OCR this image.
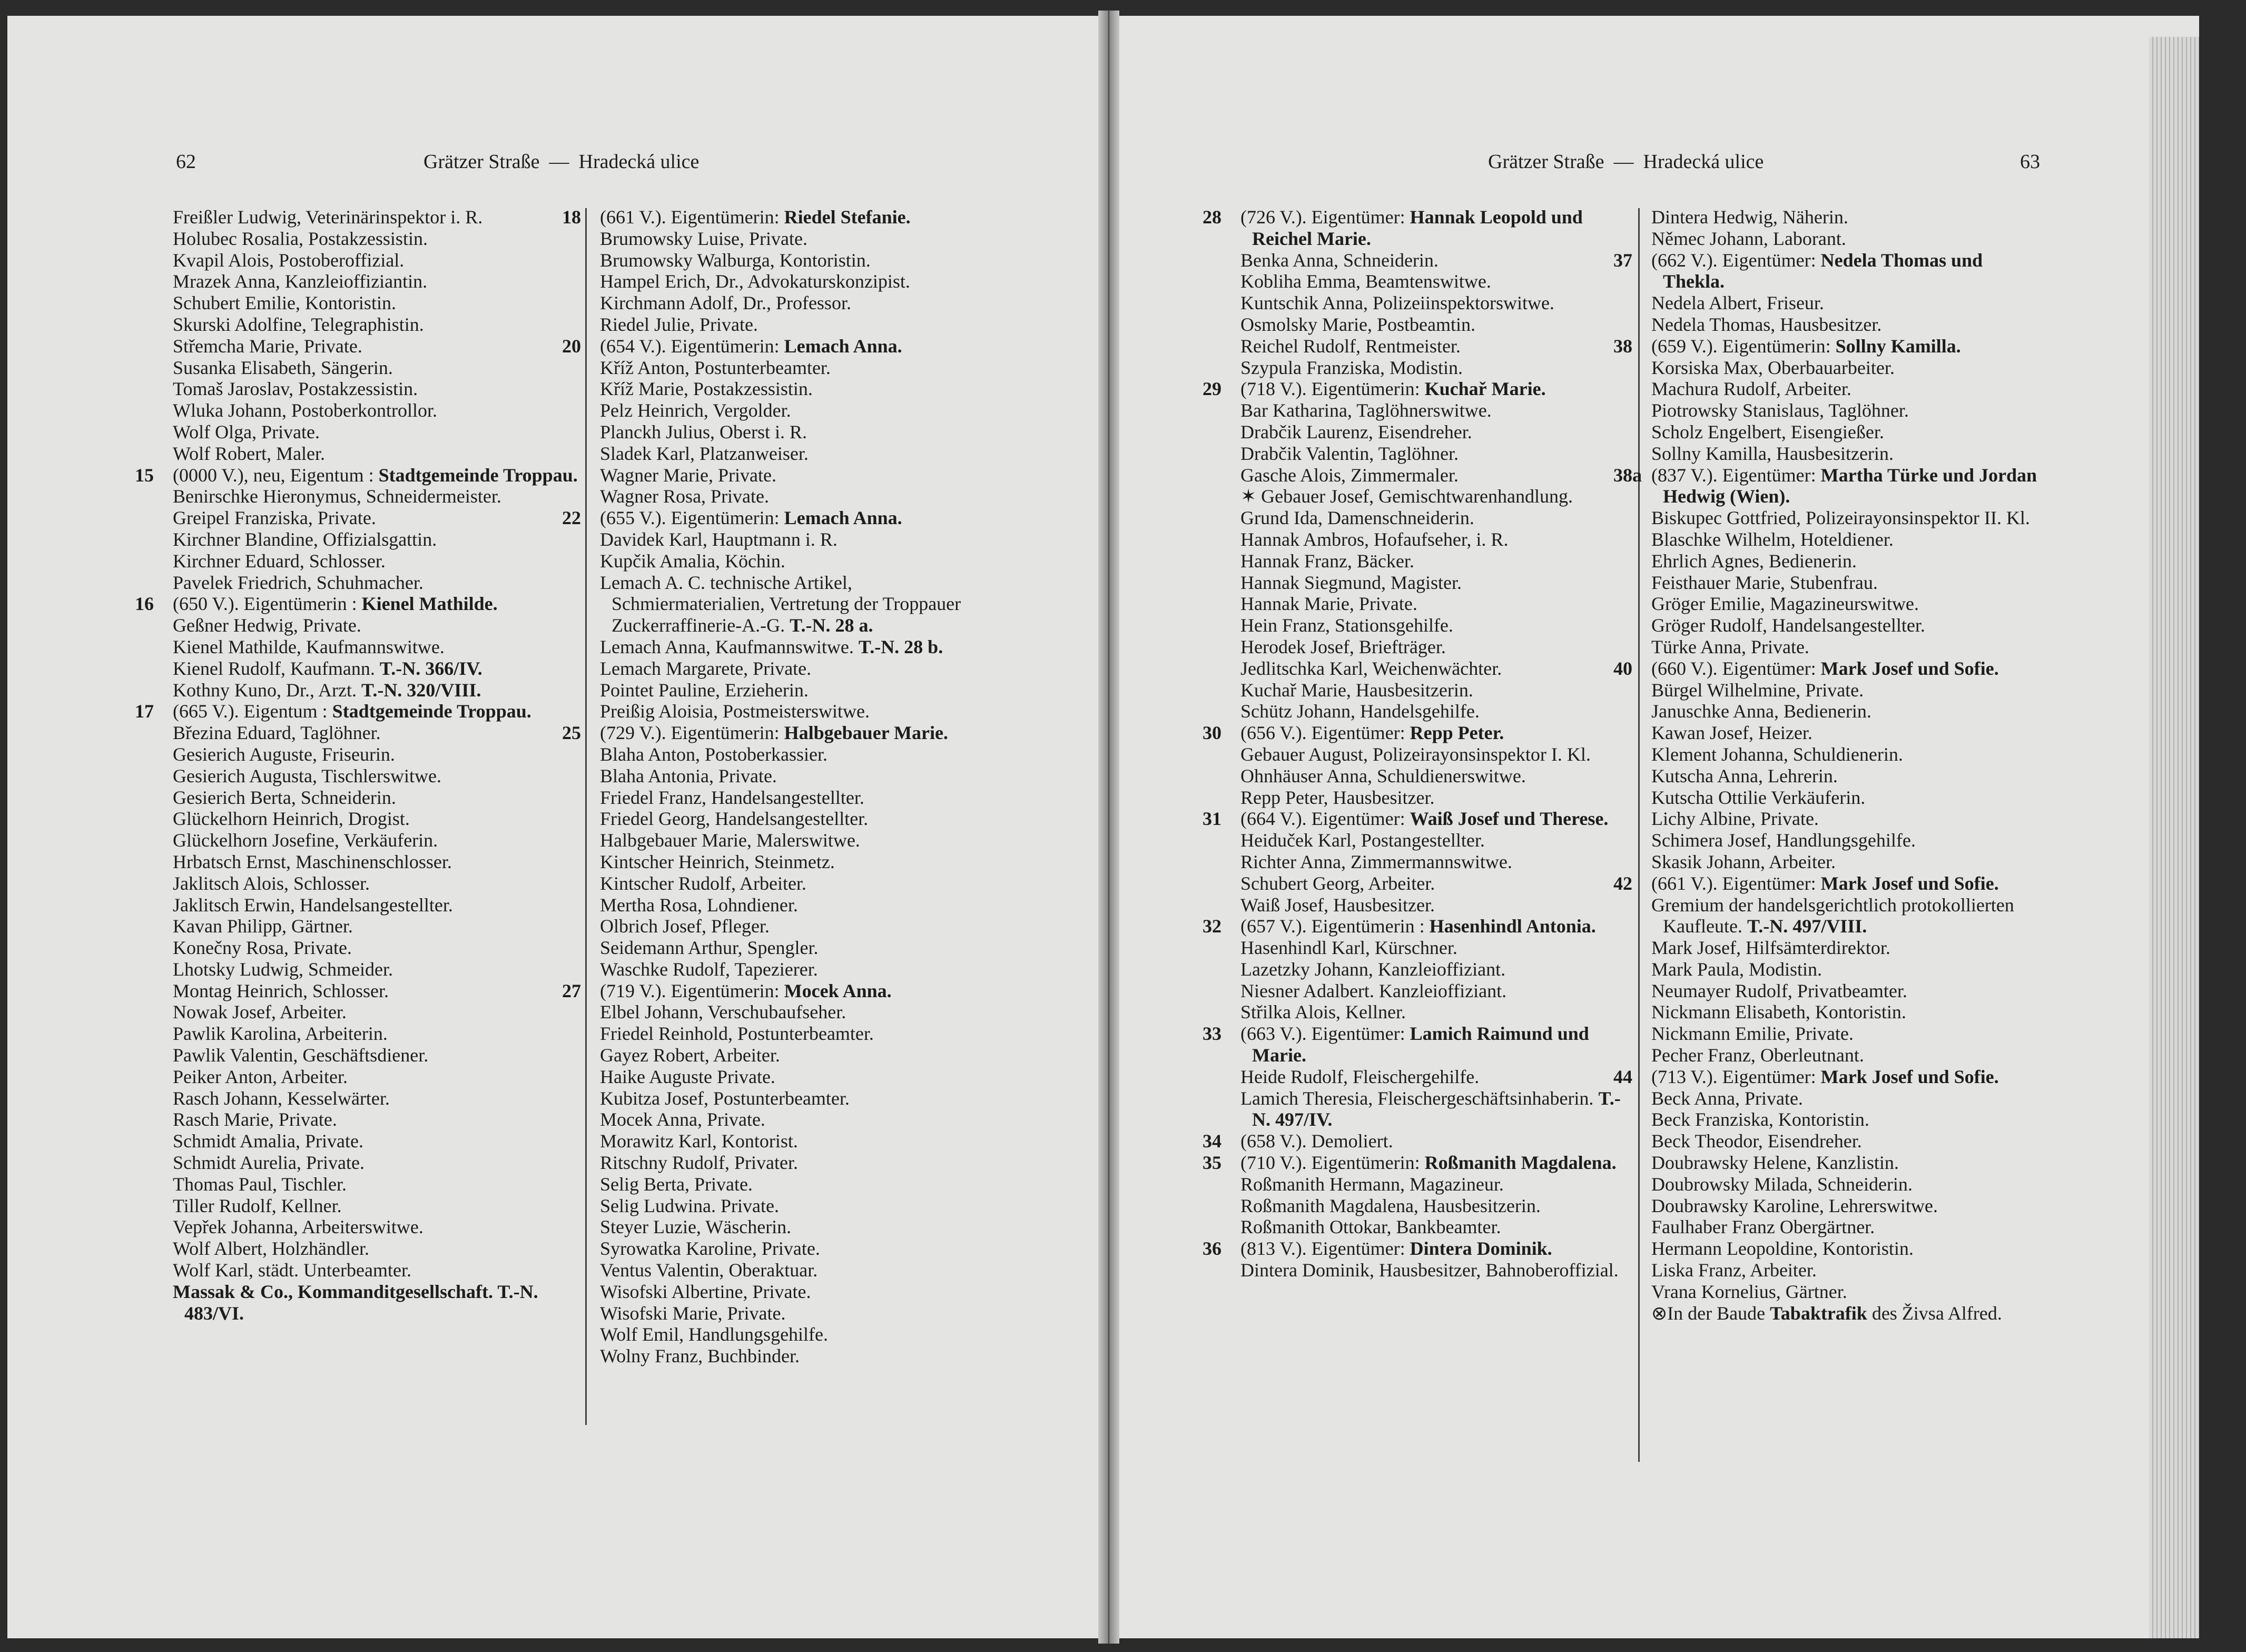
62	Grätzer Straße — Hradecká ulice
Freißler Ludwig, Veterinärinspektor i. R.
Holubec Rosalia, Postakzessistin.
Kvapil Alois, Postoberoffizial.
Mrazek Anna, Kanzleioffiziantin.
Schubert Emilie, Kontoristin.
Skurski Adolfine, Telegraphistin.
Střemcha Marie, Private.
Susanka Elisabeth, Sängerin.
Tomaš Jaroslav, Postakzessistin.
Wluka Johann, Postoberkontrollor.
Wolf Olga, Private.
Wolf Robert, Maler.
15 (0000 V.), neu, Eigentum : Stadtgemeinde Troppau.
Benirschke Hieronymus, Schneidermeister.
Greipel Franziska, Private.
Kirchner Blandine, Offizialsgattin.
Kirchner Eduard, Schlosser.
Pavelek Friedrich, Schuhmacher.
16 (650 V.). Eigentümerin : Kienel Mathilde.
Geßner Hedwig, Private.
Kienel Mathilde, Kaufmannswitwe.
Kienel Rudolf, Kaufmann. T.-N. 366/IV.
Kothny Kuno, Dr., Arzt. T.-N. 320/VIII.
17 (665 V.). Eigentum : Stadtgemeinde Troppau.
Březina Eduard, Taglöhner.
Gesierich Auguste, Friseurin.
Gesierich Augusta, Tischlerswitwe.
Gesierich Berta, Schneiderin.
Glückelhorn Heinrich, Drogist.
Glückelhorn Josefine, Verkäuferin.
Hrbatsch Ernst, Maschinenschlosser.
Jaklitsch Alois, Schlosser.
Jaklitsch Erwin, Handelsangestellter.
Kavan Philipp, Gärtner.
Konečny Rosa, Private.
Lhotsky Ludwig, Schmeider.
Montag Heinrich, Schlosser.
Nowak Josef, Arbeiter.
Pawlik Karolina, Arbeiterin.
Pawlik Valentin, Geschäftsdiener.
Peiker Anton, Arbeiter.
Rasch Johann, Kesselwärter.
Rasch Marie, Private.
Schmidt Amalia, Private.
Schmidt Aurelia, Private.
Thomas Paul, Tischler.
Tiller Rudolf, Kellner.
Vepřek Johanna, Arbeiterswitwe.
Wolf Albert, Holzhändler.
Wolf Karl, städt. Unterbeamter.
Massak & Co., Kommanditgesellschaft. T.-N. 483/VI.
18 (661 V.). Eigentümerin: Riedel Stefanie.
Brumowsky Luise, Private.
Brumowsky Walburga, Kontoristin.
Hampel Erich, Dr., Advokaturskonzipist.
Kirchmann Adolf, Dr., Professor.
Riedel Julie, Private.
20 (654 V.). Eigentümerin: Lemach Anna.
Kříž Anton, Postunterbeamter.
Kříž Marie, Postakzessistin.
Pelz Heinrich, Vergolder.
Planckh Julius, Oberst i. R.
Sladek Karl, Platzanweiser.
Wagner Marie, Private.
Wagner Rosa, Private.
22 (655 V.). Eigentümerin: Lemach Anna.
Davidek Karl, Hauptmann i. R.
Kupčik Amalia, Köchin.
Lemach A. C. technische Artikel, Schmiermaterialien, Vertretung der Troppauer Zuckerraffinerie-A.-G. T.-N. 28 a.
Lemach Anna, Kaufmannswitwe. T.-N. 28 b.
Lemach Margarete, Private.
Pointet Pauline, Erzieherin.
Preißig Aloisia, Postmeisterswitwe.
25 (729 V.). Eigentümerin: Halbgebauer Marie.
Blaha Anton, Postoberkassier.
Blaha Antonia, Private.
Friedel Franz, Handelsangestellter.
Friedel Georg, Handelsangestellter.
Halbgebauer Marie, Malerswitwe.
Kintscher Heinrich, Steinmetz.
Kintscher Rudolf, Arbeiter.
Mertha Rosa, Lohndiener.
Olbrich Josef, Pfleger.
Seidemann Arthur, Spengler.
Waschke Rudolf, Tapezierer.
27 (719 V.). Eigentümerin: Mocek Anna.
Elbel Johann, Verschubaufseher.
Friedel Reinhold, Postunterbeamter.
Gayez Robert, Arbeiter.
Haike Auguste Private.
Kubitza Josef, Postunterbeamter.
Mocek Anna, Private.
Morawitz Karl, Kontorist.
Ritschny Rudolf, Privater.
Selig Berta, Private.
Selig Ludwina. Private.
Steyer Luzie, Wäscherin.
Syrowatka Karoline, Private.
Ventus Valentin, Oberaktuar.
Wisofski Albertine, Private.
Wisofski Marie, Private.
Wolf Emil, Handlungsgehilfe.
Wolny Franz, Buchbinder.
Grätzer Straße — Hradecká ulice	63
28 (726 V.). Eigentümer: Hannak Leopold und Reichel Marie.
Benka Anna, Schneiderin.
Kobliha Emma, Beamtenswitwe.
Kuntschik Anna, Polizeiinspektorswitwe.
Osmolsky Marie, Postbeamtin.
Reichel Rudolf, Rentmeister.
Szypula Franziska, Modistin.
29 (718 V.). Eigentümerin: Kuchař Marie.
Bar Katharina, Taglöhnerswitwe.
Drabčik Laurenz, Eisendreher.
Drabčik Valentin, Taglöhner.
Gasche Alois, Zimmermaler.
✶ Gebauer Josef, Gemischtwarenhandlung.
Grund Ida, Damenschneiderin.
Hannak Ambros, Hofaufseher, i. R.
Hannak Franz, Bäcker.
Hannak Siegmund, Magister.
Hannak Marie, Private.
Hein Franz, Stationsgehilfe.
Herodek Josef, Briefträger.
Jedlitschka Karl, Weichenwächter.
Kuchař Marie, Hausbesitzerin.
Schütz Johann, Handelsgehilfe.
30 (656 V.). Eigentümer: Repp Peter.
Gebauer August, Polizeirayonsinspektor I. Kl.
Ohnhäuser Anna, Schuldienerswitwe.
Repp Peter, Hausbesitzer.
31 (664 V.). Eigentümer: Waiß Josef und Therese.
Heiduček Karl, Postangestellter.
Richter Anna, Zimmermannswitwe.
Schubert Georg, Arbeiter.
Waiß Josef, Hausbesitzer.
32 (657 V.). Eigentümerin : Hasenhindl Antonia.
Hasenhindl Karl, Kürschner.
Lazetzky Johann, Kanzleioffiziant.
Niesner Adalbert. Kanzleioffiziant.
Střilka Alois, Kellner.
33 (663 V.). Eigentümer: Lamich Raimund und Marie.
Heide Rudolf, Fleischergehilfe.
Lamich Theresia, Fleischergeschäftsinhaberin. T.-N. 497/IV.
34 (658 V.). Demoliert.
35 (710 V.). Eigentümerin: Roßmanith Magdalena.
Roßmanith Hermann, Magazineur.
Roßmanith Magdalena, Hausbesitzerin.
Roßmanith Ottokar, Bankbeamter.
36 (813 V.). Eigentümer: Dintera Dominik.
Dintera Dominik, Hausbesitzer, Bahnoberoffizial.
Dintera Hedwig, Näherin.
Němec Johann, Laborant.
37 (662 V.). Eigentümer: Nedela Thomas und Thekla.
Nedela Albert, Friseur.
Nedela Thomas, Hausbesitzer.
38 (659 V.). Eigentümerin: Sollny Kamilla.
Korsiska Max, Oberbauarbeiter.
Machura Rudolf, Arbeiter.
Piotrowsky Stanislaus, Taglöhner.
Scholz Engelbert, Eisengießer.
Sollny Kamilla, Hausbesitzerin.
38a (837 V.). Eigentümer: Martha Türke und Jordan Hedwig (Wien).
Biskupec Gottfried, Polizeirayonsinspektor II. Kl.
Blaschke Wilhelm, Hoteldiener.
Ehrlich Agnes, Bedienerin.
Feisthauer Marie, Stubenfrau.
Gröger Emilie, Magazineurswitwe.
Gröger Rudolf, Handelsangestellter.
Türke Anna, Private.
40 (660 V.). Eigentümer: Mark Josef und Sofie.
Bürgel Wilhelmine, Private.
Januschke Anna, Bedienerin.
Kawan Josef, Heizer.
Klement Johanna, Schuldienerin.
Kutscha Anna, Lehrerin.
Kutscha Ottilie Verkäuferin.
Lichy Albine, Private.
Schimera Josef, Handlungsgehilfe.
Skasik Johann, Arbeiter.
42 (661 V.). Eigentümer: Mark Josef und Sofie.
Gremium der handelsgerichtlich protokollierten Kaufleute. T.-N. 497/VIII.
Mark Josef, Hilfsämterdirektor.
Mark Paula, Modistin.
Neumayer Rudolf, Privatbeamter.
Nickmann Elisabeth, Kontoristin.
Nickmann Emilie, Private.
Pecher Franz, Oberleutnant.
44 (713 V.). Eigentümer: Mark Josef und Sofie.
Beck Anna, Private.
Beck Franziska, Kontoristin.
Beck Theodor, Eisendreher.
Doubrawsky Helene, Kanzlistin.
Doubrowsky Milada, Schneiderin.
Doubrawsky Karoline, Lehrerswitwe.
Faulhaber Franz Obergärtner.
Hermann Leopoldine, Kontoristin.
Liska Franz, Arbeiter.
Vrana Kornelius, Gärtner.
⊗In der Baude Tabaktrafik des Živsa Alfred.
